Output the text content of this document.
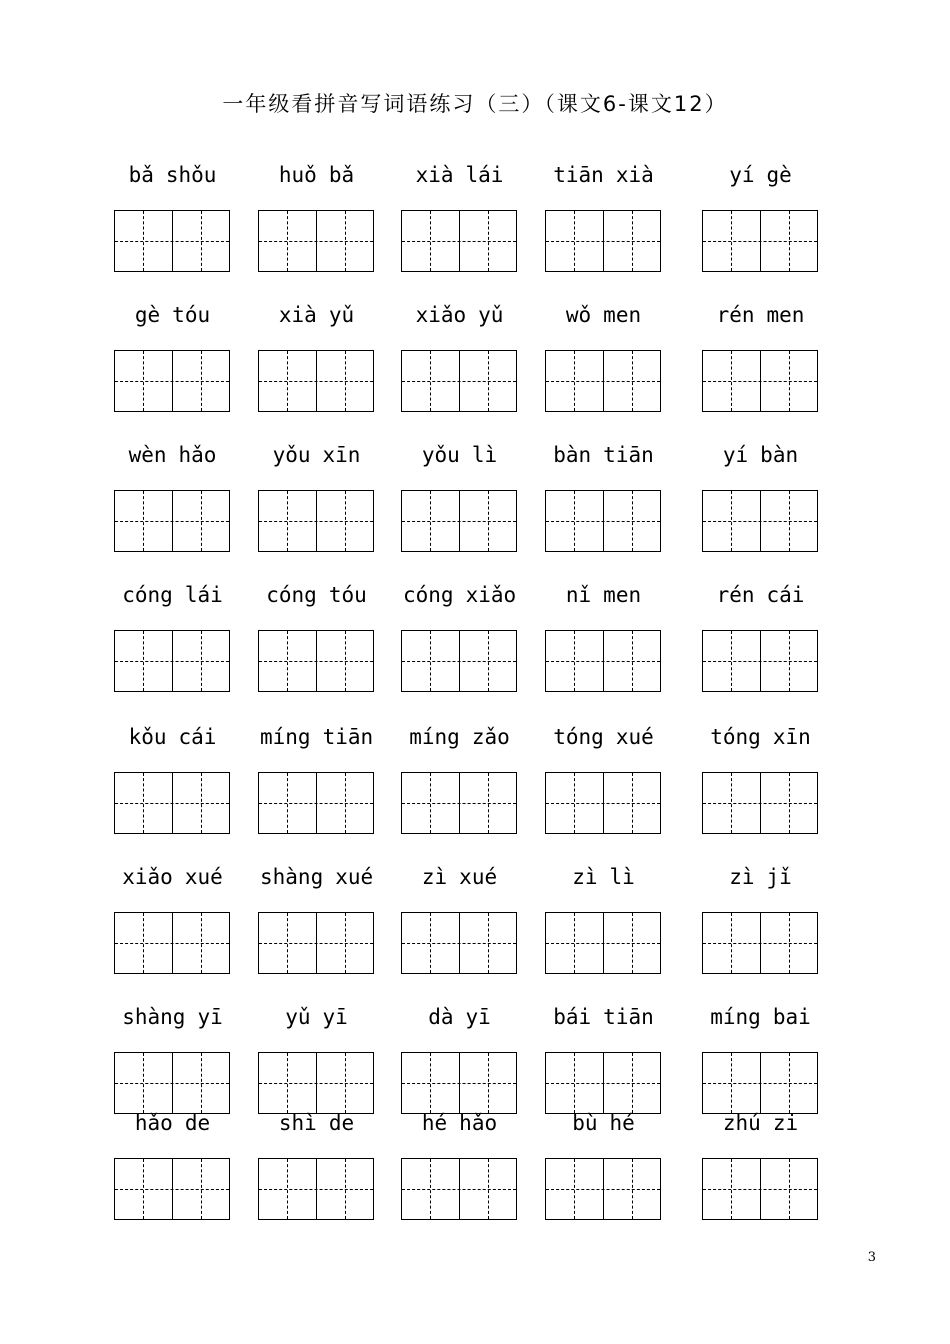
一年级看拼音写词语练习（三）（课文6-课文12）
bǎ shǒu	huǒ bǎ	xià lái	tiān xià	yí gè
gè tóu	xià yǔ	xiǎo yǔ	wǒ men	rén men
wèn hǎo	yǒu xīn	yǒu lì	bàn tiān	yí bàn
cóng lái	cóng tóu	cóng xiǎo	nǐ men	rén cái
kǒu cái	míng tiān	míng zǎo	tóng xué	tóng xīn
xiǎo xué	shàng xué	zì xué	zì lì	zì jǐ
shàng yī	yǔ yī	dà yī	bái tiān	míng bai
hǎo de	shì de	hé hǎo	bù hé	zhú zi
3
